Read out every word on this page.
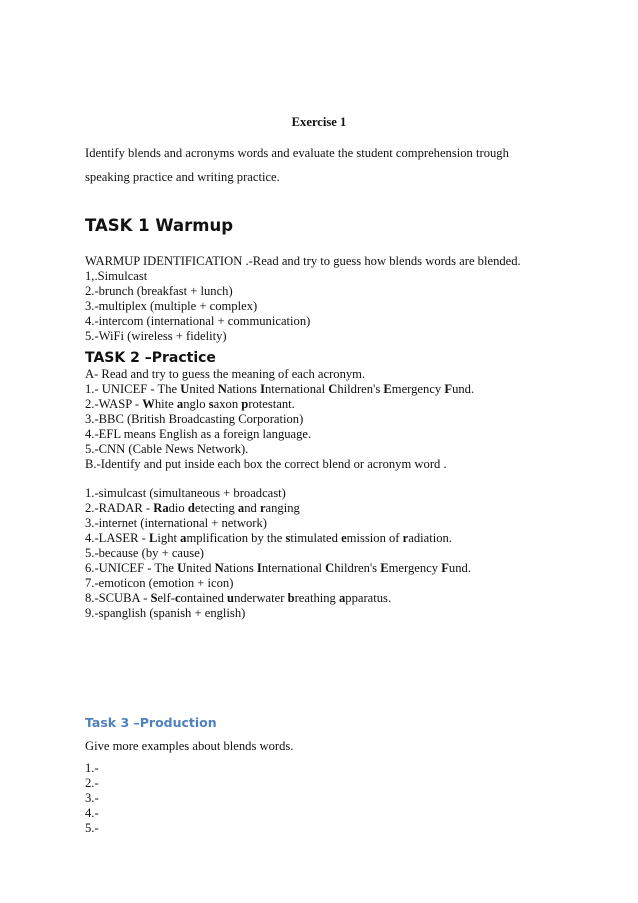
Exercise 1
Identify blends and acronyms words and evaluate the student comprehension trough
speaking practice and writing practice.
TASK 1 Warmup
WARMUP IDENTIFICATION .-Read and try to guess how blends words are blended.
1,.Simulcast
2.-brunch (breakfast + lunch)
3.-multiplex (multiple + complex)
4.-intercom (international + communication)
5.-WiFi (wireless + fidelity)
TASK 2 –Practice
A- Read and try to guess the meaning of each acronym.
1.- UNICEF - The United Nations International Children's Emergency Fund.
2.-WASP - White anglo saxon protestant.
3.-BBC (British Broadcasting Corporation)
4.-EFL means English as a foreign language.
5.-CNN (Cable News Network).
B.-Identify and put inside each box the correct blend or acronym word .
1.-simulcast (simultaneous + broadcast)
2.-RADAR - Radio detecting and ranging
3.-internet (international + network)
4.-LASER - Light amplification by the stimulated emission of radiation.
5.-because (by + cause)
6.-UNICEF - The United Nations International Children's Emergency Fund.
7.-emoticon (emotion + icon)
8.-SCUBA - Self-contained underwater breathing apparatus.
9.-spanglish (spanish + english)
Task 3 –Production
Give more examples about blends words.
1.-
2.-
3.-
4.-
5.-
